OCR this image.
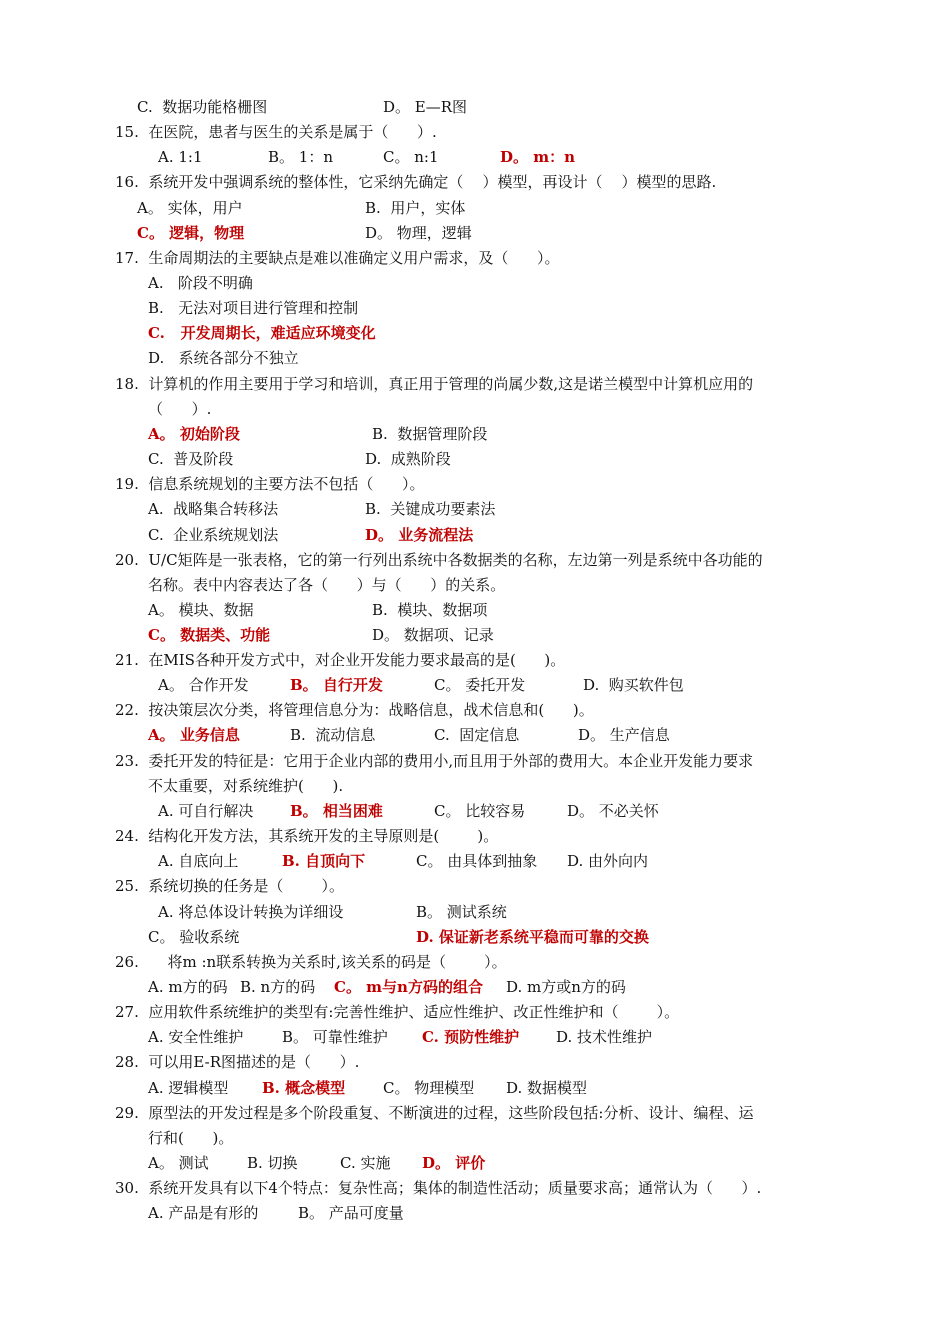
C.  数据功能格栅图	D。 E—R图
15.  在医院，患者与医生的关系是属于（      ）.
A. 1:1	B。 1：n	C。 n:1	D。 m：n
16.  系统开发中强调系统的整体性，它采纳先确定（    ）模型，再设计（    ）模型的思路.
A。 实体，用户	B.  用户，实体
C。 逻辑，物理	D。 物理，逻辑
17.  生命周期法的主要缺点是难以准确定义用户需求，及（      ）。
A.   阶段不明确
B.   无法对项目进行管理和控制
C.   开发周期长，难适应环境变化
D.   系统各部分不独立
18.  计算机的作用主要用于学习和培训，真正用于管理的尚属少数,这是诺兰模型中计算机应用的
（      ）.
A。 初始阶段	B.  数据管理阶段
C.  普及阶段	D.  成熟阶段
19.  信息系统规划的主要方法不包括（      ）。
A.  战略集合转移法	B.  关键成功要素法
C.  企业系统规划法	D。 业务流程法
20.  U/C矩阵是一张表格，它的第一行列出系统中各数据类的名称，左边第一列是系统中各功能的
名称。表中内容表达了各（      ）与（      ）的关系。
A。 模块、数据	B.  模块、数据项
C。 数据类、功能	D。 数据项、记录
21.  在MIS各种开发方式中，对企业开发能力要求最高的是(      )。
A。 合作开发	B。 自行开发	C。 委托开发	D.  购买软件包
22.  按决策层次分类，将管理信息分为：战略信息，战术信息和(      )。
A。 业务信息	B.  流动信息	C.  固定信息	D。 生产信息
23.  委托开发的特征是：它用于企业内部的费用小,而且用于外部的费用大。本企业开发能力要求
不太重要，对系统维护(      ).
A. 可自行解决 B。 相当困难	C。 比较容易	D。 不必关怀
24.  结构化开发方法，其系统开发的主导原则是(        )。
A. 自底向上	B. 自顶向下	C。 由具体到抽象 D. 由外向内
25.  系统切换的任务是（        ）。
A. 将总体设计转换为详细设	B。 测试系统
C。 验收系统	D. 保证新老系统平稳而可靠的交换
26.      将m :n联系转换为关系时,该关系的码是（        ）。
A. m方的码 B. n方的码 C。 m与n方码的组合 D. m方或n方的码
27.  应用软件系统维护的类型有:完善性维护、适应性维护、改正性维护和（        ）。
A. 安全性维护	B。 可靠性维护 C. 预防性维护 D. 技术性维护
28.  可以用E-R图描述的是（      ）.
A. 逻辑模型 B. 概念模型	C。 物理模型 D. 数据模型
29.  原型法的开发过程是多个阶段重复、不断演进的过程，这些阶段包括:分析、设计、编程、运
行和(      )。
A。 测试	B. 切换	C. 实施 D。 评价
30.  系统开发具有以下4个特点：复杂性高；集体的制造性活动；质量要求高；通常认为（      ）.
A. 产品是有形的	B。 产品可度量
